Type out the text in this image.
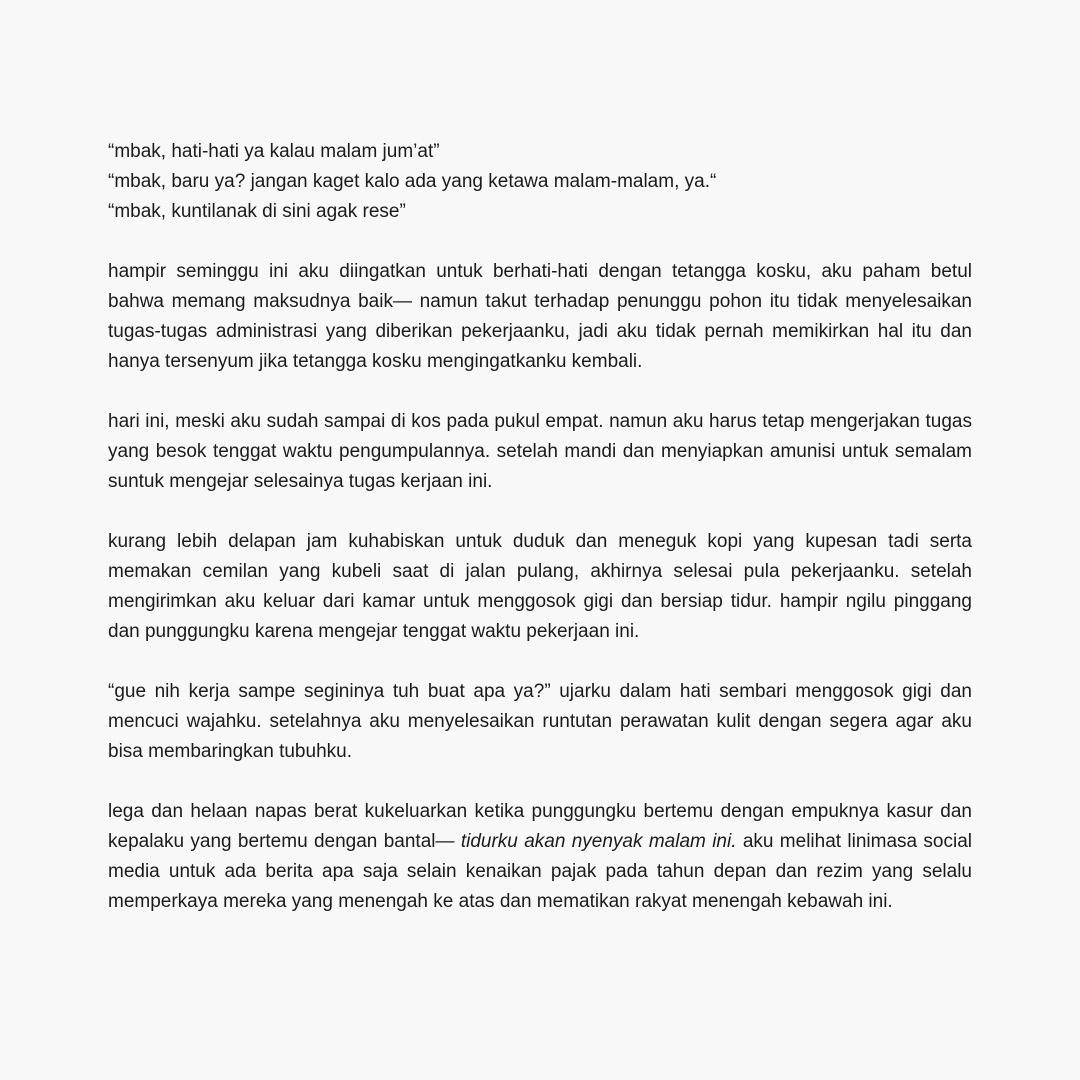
“mbak, hati-hati ya kalau malam jum’at”
“mbak, baru ya? jangan kaget kalo ada yang ketawa malam-malam, ya.“
“mbak, kuntilanak di sini agak rese”

hampir seminggu ini aku diingatkan untuk berhati-hati dengan tetangga kosku, aku paham betul bahwa memang maksudnya baik— namun takut terhadap penunggu pohon itu tidak menyelesaikan tugas-tugas administrasi yang diberikan pekerjaanku, jadi aku tidak pernah memikirkan hal itu dan hanya tersenyum jika tetangga kosku mengingatkanku kembali.

hari ini, meski aku sudah sampai di kos pada pukul empat. namun aku harus tetap mengerjakan tugas yang besok tenggat waktu pengumpulannya. setelah mandi dan menyiapkan amunisi untuk semalam suntuk mengejar selesainya tugas kerjaan ini.

kurang lebih delapan jam kuhabiskan untuk duduk dan meneguk kopi yang kupesan tadi serta memakan cemilan yang kubeli saat di jalan pulang, akhirnya selesai pula pekerjaanku. setelah mengirimkan aku keluar dari kamar untuk menggosok gigi dan bersiap tidur. hampir ngilu pinggang dan punggungku karena mengejar tenggat waktu pekerjaan ini.

“gue nih kerja sampe segininya tuh buat apa ya?” ujarku dalam hati sembari menggosok gigi dan mencuci wajahku. setelahnya aku menyelesaikan runtutan perawatan kulit dengan segera agar aku bisa membaringkan tubuhku.

lega dan helaan napas berat kukeluarkan ketika punggungku bertemu dengan empuknya kasur dan kepalaku yang bertemu dengan bantal— tidurku akan nyenyak malam ini. aku melihat linimasa social media untuk ada berita apa saja selain kenaikan pajak pada tahun depan dan rezim yang selalu memperkaya mereka yang menengah ke atas dan mematikan rakyat menengah kebawah ini.
